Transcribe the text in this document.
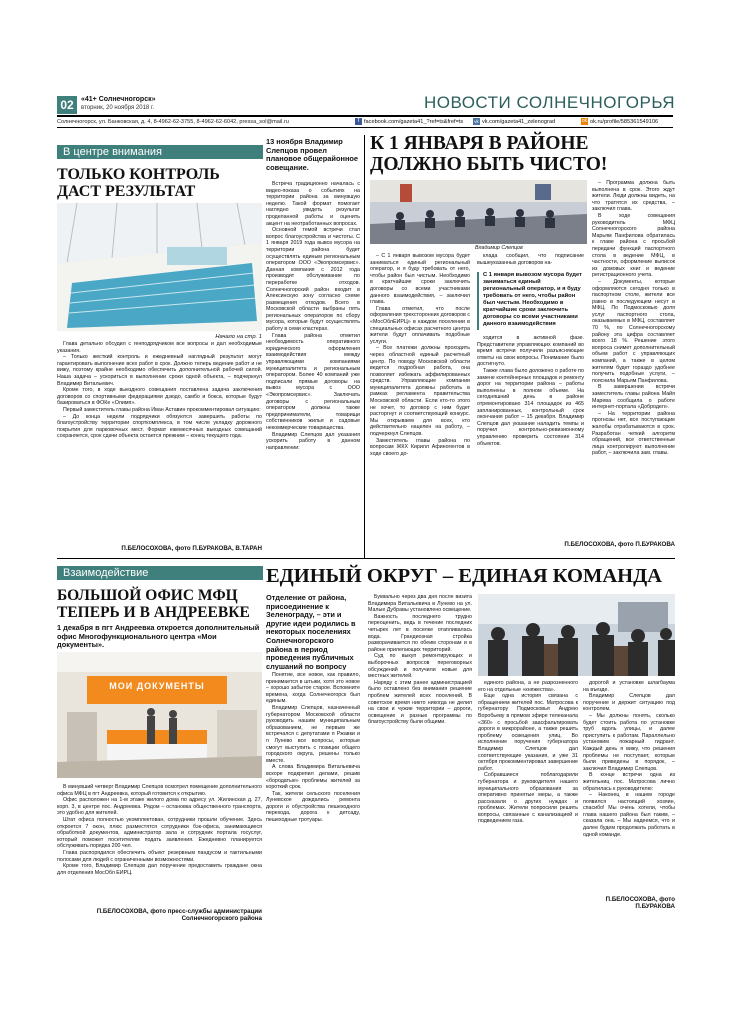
02	«41+ Солнечногорск»
вторник, 20 ноября 2018 г.	НОВОСТИ СОЛНЕЧНОГОРЬЯ
Солнечногорск, ул. Банковская, д. 4, 8-4962-62-3755, 8-4962-62-6042, pressa_sol@mail.ru	f facebook.com/gazeta41_?ref=ts&fref=ts vk vk.com/gazeta41_zelenograd	ok ok.ru/profile/585361549106
В центре внимания
ТОЛЬКО КОНТРОЛЬ ДАСТ РЕЗУЛЬТАТ
Начало на стр. 1

Глава детально обсудил с генподрядчиком все вопросы и дал необходимые указания.

– Только жесткий контроль и ежедневный наглядный результат могут гарантировать выполнение всех работ в срок. Должно теперь ведение работ и не вижу, поэтому крайне необходимо обеспечить дополнительной рабочей силой. Наша задача – ускориться в выполнении сроки одной объекта, – подчеркнул Владимир Витальевич.

Кроме того, в ходе выездного совещания поставлена задача заключения договоров со спортивными федерациями дзюдо, самбо и бокса, которые будут базироваться в ФОКе «Олимп».

Первый заместитель главы района Иван Аставин прокомментировал ситуацию:

– До конца недели подрядчики обязуются завершить работы по благоустройству территории спорткомплекса, в том числе укладку дорожного покрытия для парковочных мест. Формат ежемесячных выездных совещаний сохраняется, срок сдачи объекта остается прежним – конец текущего года.

П.БЕЛОСОХОВА, фото П.БУРАКОВА, В.ТАРАН
13 ноября Владимир Слепцов провел плановое общерайонное совещание.

Встреча традиционно началась с видео-показа о событиях на территории района за минувшую неделю. Такой формат помогает наглядно увидеть результат проделанной работы и оценить акцент на неотработанных вопросах.

Основной темой встречи стал вопрос благоустройства и чистоты. С 1 января 2019 года вывоз мусора на территории района будет осуществлять единым региональным оператором ООО «Экопромсервис». Данная компания с 2012 года производит обслуживание по переработке отходов. Солнечногорский район входит в Алексинскую зону согласно схеме размещения отходов. Всего в Московской области выбраны пять региональных операторов по сбору мусора, которые будут осуществлять работу в семи кластерах.

Глава района отметил необходимость оперативного юридического оформления взаимодействия между управляющими компаниями муниципалитета и региональным оператором. Более 40 компаний уже подписали прямые договоры на вывоз мусора с ООО «Экопромсервис». Заключать договоры с региональным оператором должны также предприниматели, товарищи собственников жилья и садовые некоммерческие товарищества.

Владимир Слепцов дал указания ускорить работу в данном направлении:

К 1 ЯНВАРЯ В РАЙОНЕ ДОЛЖНО БЫТЬ ЧИСТО!
Владимир Слепцов

– С 1 января вывозом мусора будет заниматься единый региональный оператор, и я буду требовать от него, чтобы район был чистым. Необходимо в кратчайшие сроки заключить договоры со всеми участниками данного взаимодействия, – заключил глава.

Глава отметил, что после оформления трехсторонних договоров с «МосОблЕИРЦ» в каждом поселении в специальных офисах расчетного центра жители будут оплачивать подобные услуги.

– Все платежи должны проходить через областной единый расчетный центр. По поводу Московской области ведется подробная работа, она позволяет избежать аффилированных средств. Управляющие компании муниципалитета должны работать в рамках регламента правительства Московской области. Если кто-то этого не хочет, то договор с ним будет расторгнут и соответствующий конкурс. Мы открываем для всех, кто действительно нацелен на работу, – подчеркнул Слепцов.

Заместитель главы района по вопросам ЖКХ Кирилл Афиногентов в ходе своего до-

клада сообщил, что подписание вышеуказанных договоров на-

С 1 января вывозом мусора будет заниматься единый региональный оператор, и я буду требовать от него, чтобы район был чистым. Необходимо в кратчайшие сроки заключить договоры со всеми участниками данного взаимодействия

ходится в активной фазе. Представители управляющих компаний во время встречи получили разъясняющие ответы на свои вопросы. Понимание было достигнуто.

Также глава было доложено о работе по замене контейнерных площадок и ремонту дорог на территории района – работы выполнены в полном объеме. На сегодняшний день в районе отремонтировано 314 площадок из 465 запланированных, контрольный срок окончания работ – 15 декабря. Владимир Слепцов дал указание наладить темпы и поручил контрольно-ревизионному управлению проверить состояние 314 объектов.

– Программа должна быть выполнена в срок. Этого ждут жители. Люди должны видеть, на что тратятся их средства, – заключил глава.

В ходе совещания руководитель МФЦ Солнечногорского района Марьям Панфилова обратилась к главе района с просьбой передачи функций паспортного стола в ведение МФЦ, в частности, оформление выписок из домовых книг и ведение регистрационного учета.

– Документы, которые оформляются сегодня только в паспортном столе, жители все равно в последующем несут в МФЦ. По Подмосковью доля услуг паспортного стола, оказываемых в МФЦ, составляет 70 %, по Солнечногорскому району эта цифра составляет всего 18 %. Решение этого вопроса снимет дополнительный объем работ с управляющих компаний, а также в целом жителям будет гораздо удобнее получить подобные услуги, – пояснила Марьям Панфилова.

В завершении встречи заместитель главы района Майя Марева сообщила о работе интернет-портала «Добродел».

– На территории района прогнозы нет, все поступающие жалобы отрабатываются в срок. Разработан четкий алгоритм обращений, все ответственные лица контролируют выполнение работ, – заключила зам. главы.

П.БЕЛОСОХОВА, фото П.БУРАКОВА
Взаимодействие
БОЛЬШОЙ ОФИС МФЦ ТЕПЕРЬ И В АНДРЕЕВКЕ
1 декабря в пгт Андреевка откроется дополнительный офис Многофункционального центра «Мои документы».
МОИ ДОКУМЕНТЫ

В минувший четверг Владимир Слепцов осмотрел помещение дополнительного офиса МФЦ в пгт Андреевка, который готовится к открытию.

Офис расположен на 1-м этаже жилого дома по адресу ул. Жилинская д. 27, корп. 3, в центре пос. Андреевка. Рядом – остановка общественного транспорта, это удобно для жителей.

Штат офиса полностью укомплектован, сотрудники прошли обучение. Здесь откроется 7 окон, плюс разместятся сотрудники бэк-офиса, занимающиеся обработкой документов, администратор зала и сотрудник портала госуслуг, который поможет посетителям подать заявления. Ежедневно планируется обслуживать порядка 200 чел.

Глава распорядился обеспечить объект резервным пандусом и тактильными полосами для людей с ограниченными возможностями.

Кроме того, Владимир Слепцов дал поручение предоставить граждане окна для отделения МосОбл ЕИРЦ.

П.БЕЛОСОХОВА, фото пресс-службы администрации Солнечногорского района
ЕДИНЫЙ ОКРУГ – ЕДИНАЯ КОМАНДА
Отделение от района, присоединение к Зеленограду, – эти и другие идеи родились в некоторых поселениях Солнечногорского района в период проведения публичных слушаний по вопросу

Понятие, все новое, как правило, принимается в штыки, хотя это новое – хорошо забытое старое. Вспомните времена, когда Солнечногорск был единым.

Владимир Слепцов, назначенный губернатором Московской области руководить нашим муниципальным образованием, не первым же встречался с депутатами п Ржавки и п Лунево все вопросы, которые смогут выступить с позиции общего городского округа, решены только вместе.

А слова Владимира Витальевича вскоре подкрепил делами, решив «бородатые» проблемы жителей за короткий срок.

Так, жители сельского поселения Луневское дождались ремонта дороги и обустройства пешеходного перехода, дорога к детсаду, пешеходные тротуары.

Буквально через два дня после визита Владимира Витальевича в Лунево на ул. Малые Дубравы установлено освещение.

Важность последнего трудно переоценить, ведь в течение последних четырех лет в поселке отапливалась вода. Грандиозная стройка разворачивается по обеим сторонам и в районе прилегающих территорий.

Суд по выкуп ремонтирующих и выборочных вопросов переговорных обсуждений и получили новые для местных жителей.

Наряду с этим ранее администрацией было оставлено без внимания решение проблем жителей всех поселений. В советское время никто никогда не делил на свои и чужие территории – дороги, освещение и разные программы по благоустройству были общими.

единого района, а не разрозненного его на отдельные «княжества».

Еще одна история связана с обращением жителей пос. Матросова к губернатору Подмосковья Андрею Воробьеву в прямом эфире телеканала «360» с просьбой заасфальтировать дороги в микрорайоне, а также решить проблему освещения улиц. Во исполнение поручения губернатора Владимир Слепцов дал соответствующие указания, и уже 31 октября прокомментировал завершение работ.

Собравшиеся поблагодарили губернатора и руководителя нашего муниципального образования за оперативно принятые меры, а также рассказали о других нуждах и проблемах. Жители попросили решить вопросы, связанные с канализацией и подведением газа.

дорогой и установке шлагбаума на въезде.

Владимир Слепцов дал поручение и держит ситуацию под контролем.

– Мы должны понять, сколько будет стоить работа по установке труб вдоль улицы, и далее приступить к работам. Параллельно установим пожарный гидрант. Каждый день я вижу, что решения проблемы не поступает, которые были приведены в порядок, – заключил Владимир Слепцов.

В конце встречи одна из жительниц пос. Матросова лично обратилась к руководителю:

– Наконец в нашем городе появился настоящий хозяин, спасибо! Мы очень хотели, чтобы глава нашего района был таким, – сказала она. – Мы надеемся, что и далее будем продолжать работать в одной команде.

П.БЕЛОСОХОВА, фото П.БУРАКОВА
